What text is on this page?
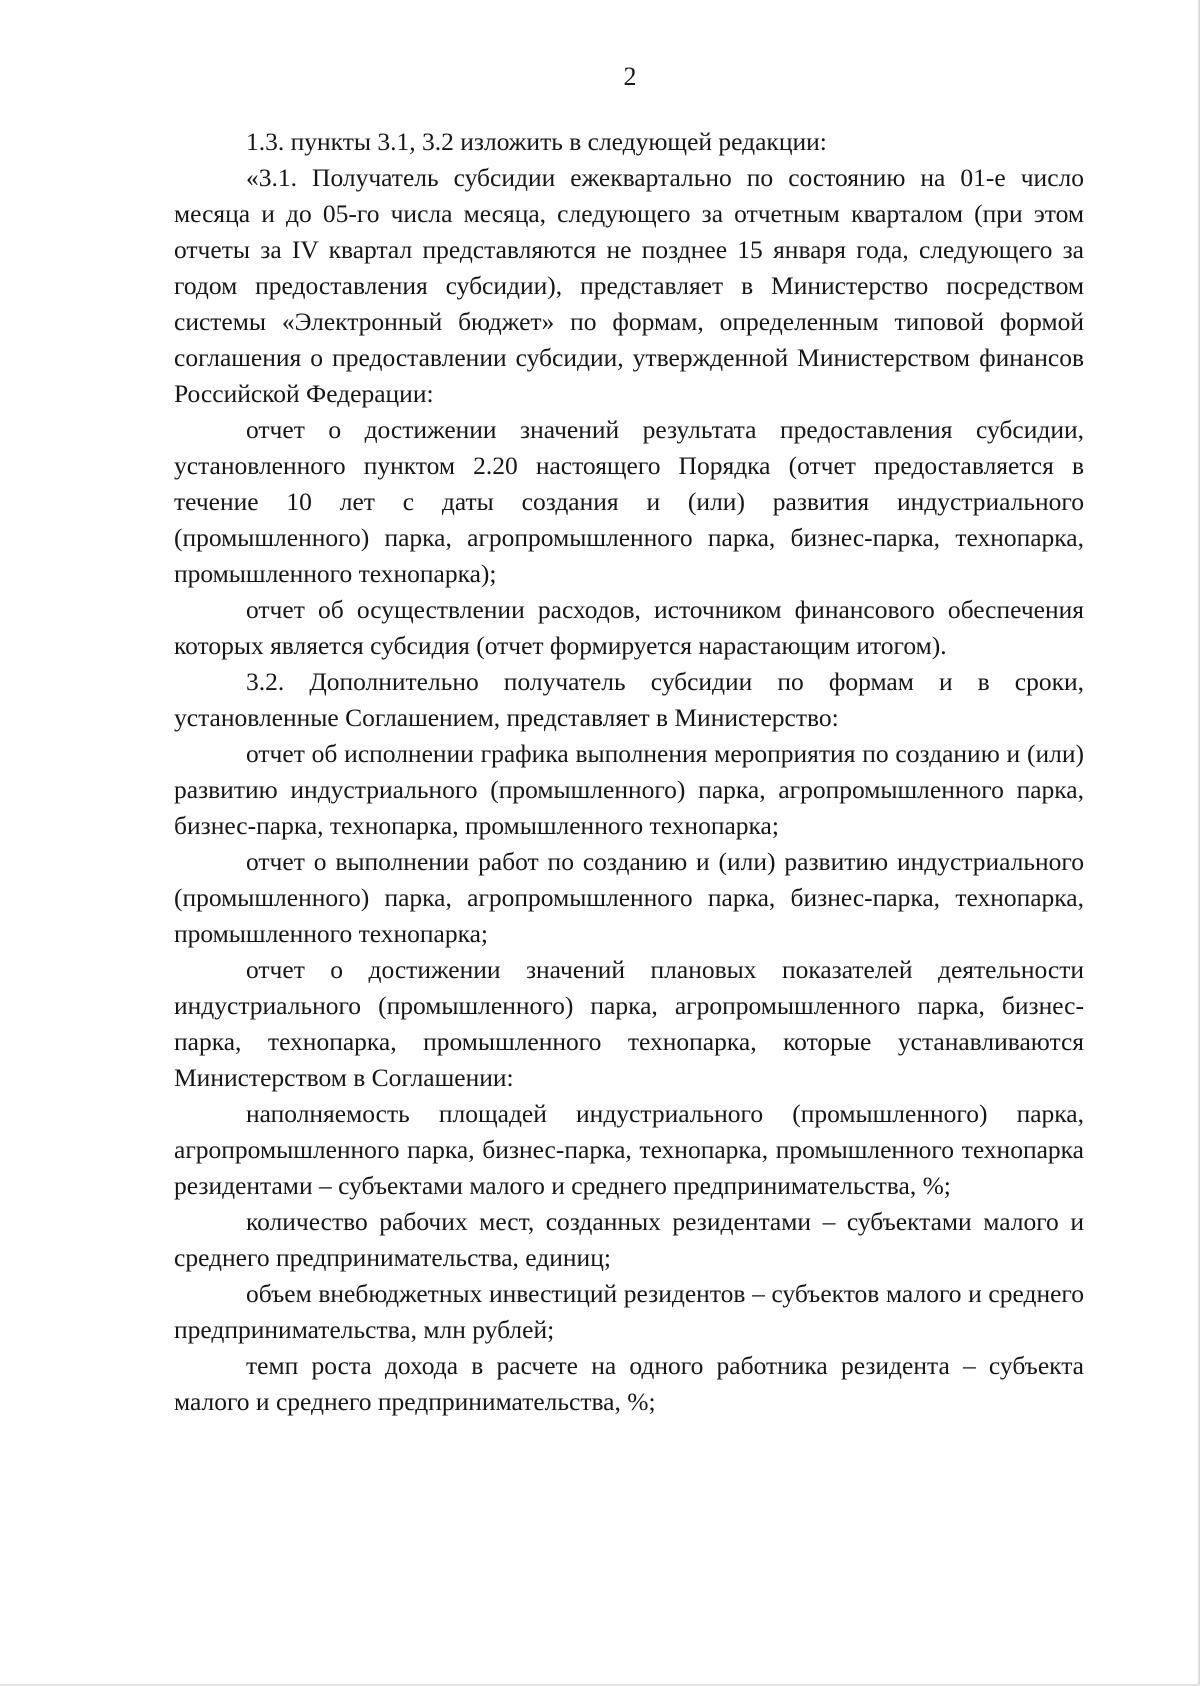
2

1.3. пункты 3.1, 3.2 изложить в следующей редакции:

«3.1. Получатель субсидии ежеквартально по состоянию на 01-е число месяца и до 05-го числа месяца, следующего за отчетным кварталом (при этом отчеты за IV квартал представляются не позднее 15 января года, следующего за годом предоставления субсидии), представляет в Министерство посредством системы «Электронный бюджет» по формам, определенным типовой формой соглашения о предоставлении субсидии, утвержденной Министерством финансов Российской Федерации:

отчет о достижении значений результата предоставления субсидии, установленного пунктом 2.20 настоящего Порядка (отчет предоставляется в течение 10 лет с даты создания и (или) развития индустриального (промышленного) парка, агропромышленного парка, бизнес-парка, технопарка, промышленного технопарка);

отчет об осуществлении расходов, источником финансового обеспечения которых является субсидия (отчет формируется нарастающим итогом).

3.2. Дополнительно получатель субсидии по формам и в сроки, установленные Соглашением, представляет в Министерство:

отчет об исполнении графика выполнения мероприятия по созданию и (или) развитию индустриального (промышленного) парка, агропромышленного парка, бизнес-парка, технопарка, промышленного технопарка;

отчет о выполнении работ по созданию и (или) развитию индустриального (промышленного) парка, агропромышленного парка, бизнес-парка, технопарка, промышленного технопарка;

отчет о достижении значений плановых показателей деятельности индустриального (промышленного) парка, агропромышленного парка, бизнес-парка, технопарка, промышленного технопарка, которые устанавливаются Министерством в Соглашении:

наполняемость площадей индустриального (промышленного) парка, агропромышленного парка, бизнес-парка, технопарка, промышленного технопарка резидентами – субъектами малого и среднего предпринимательства, %;

количество рабочих мест, созданных резидентами – субъектами малого и среднего предпринимательства, единиц;

объем внебюджетных инвестиций резидентов – субъектов малого и среднего предпринимательства, млн рублей;

темп роста дохода в расчете на одного работника резидента – субъекта малого и среднего предпринимательства, %;
